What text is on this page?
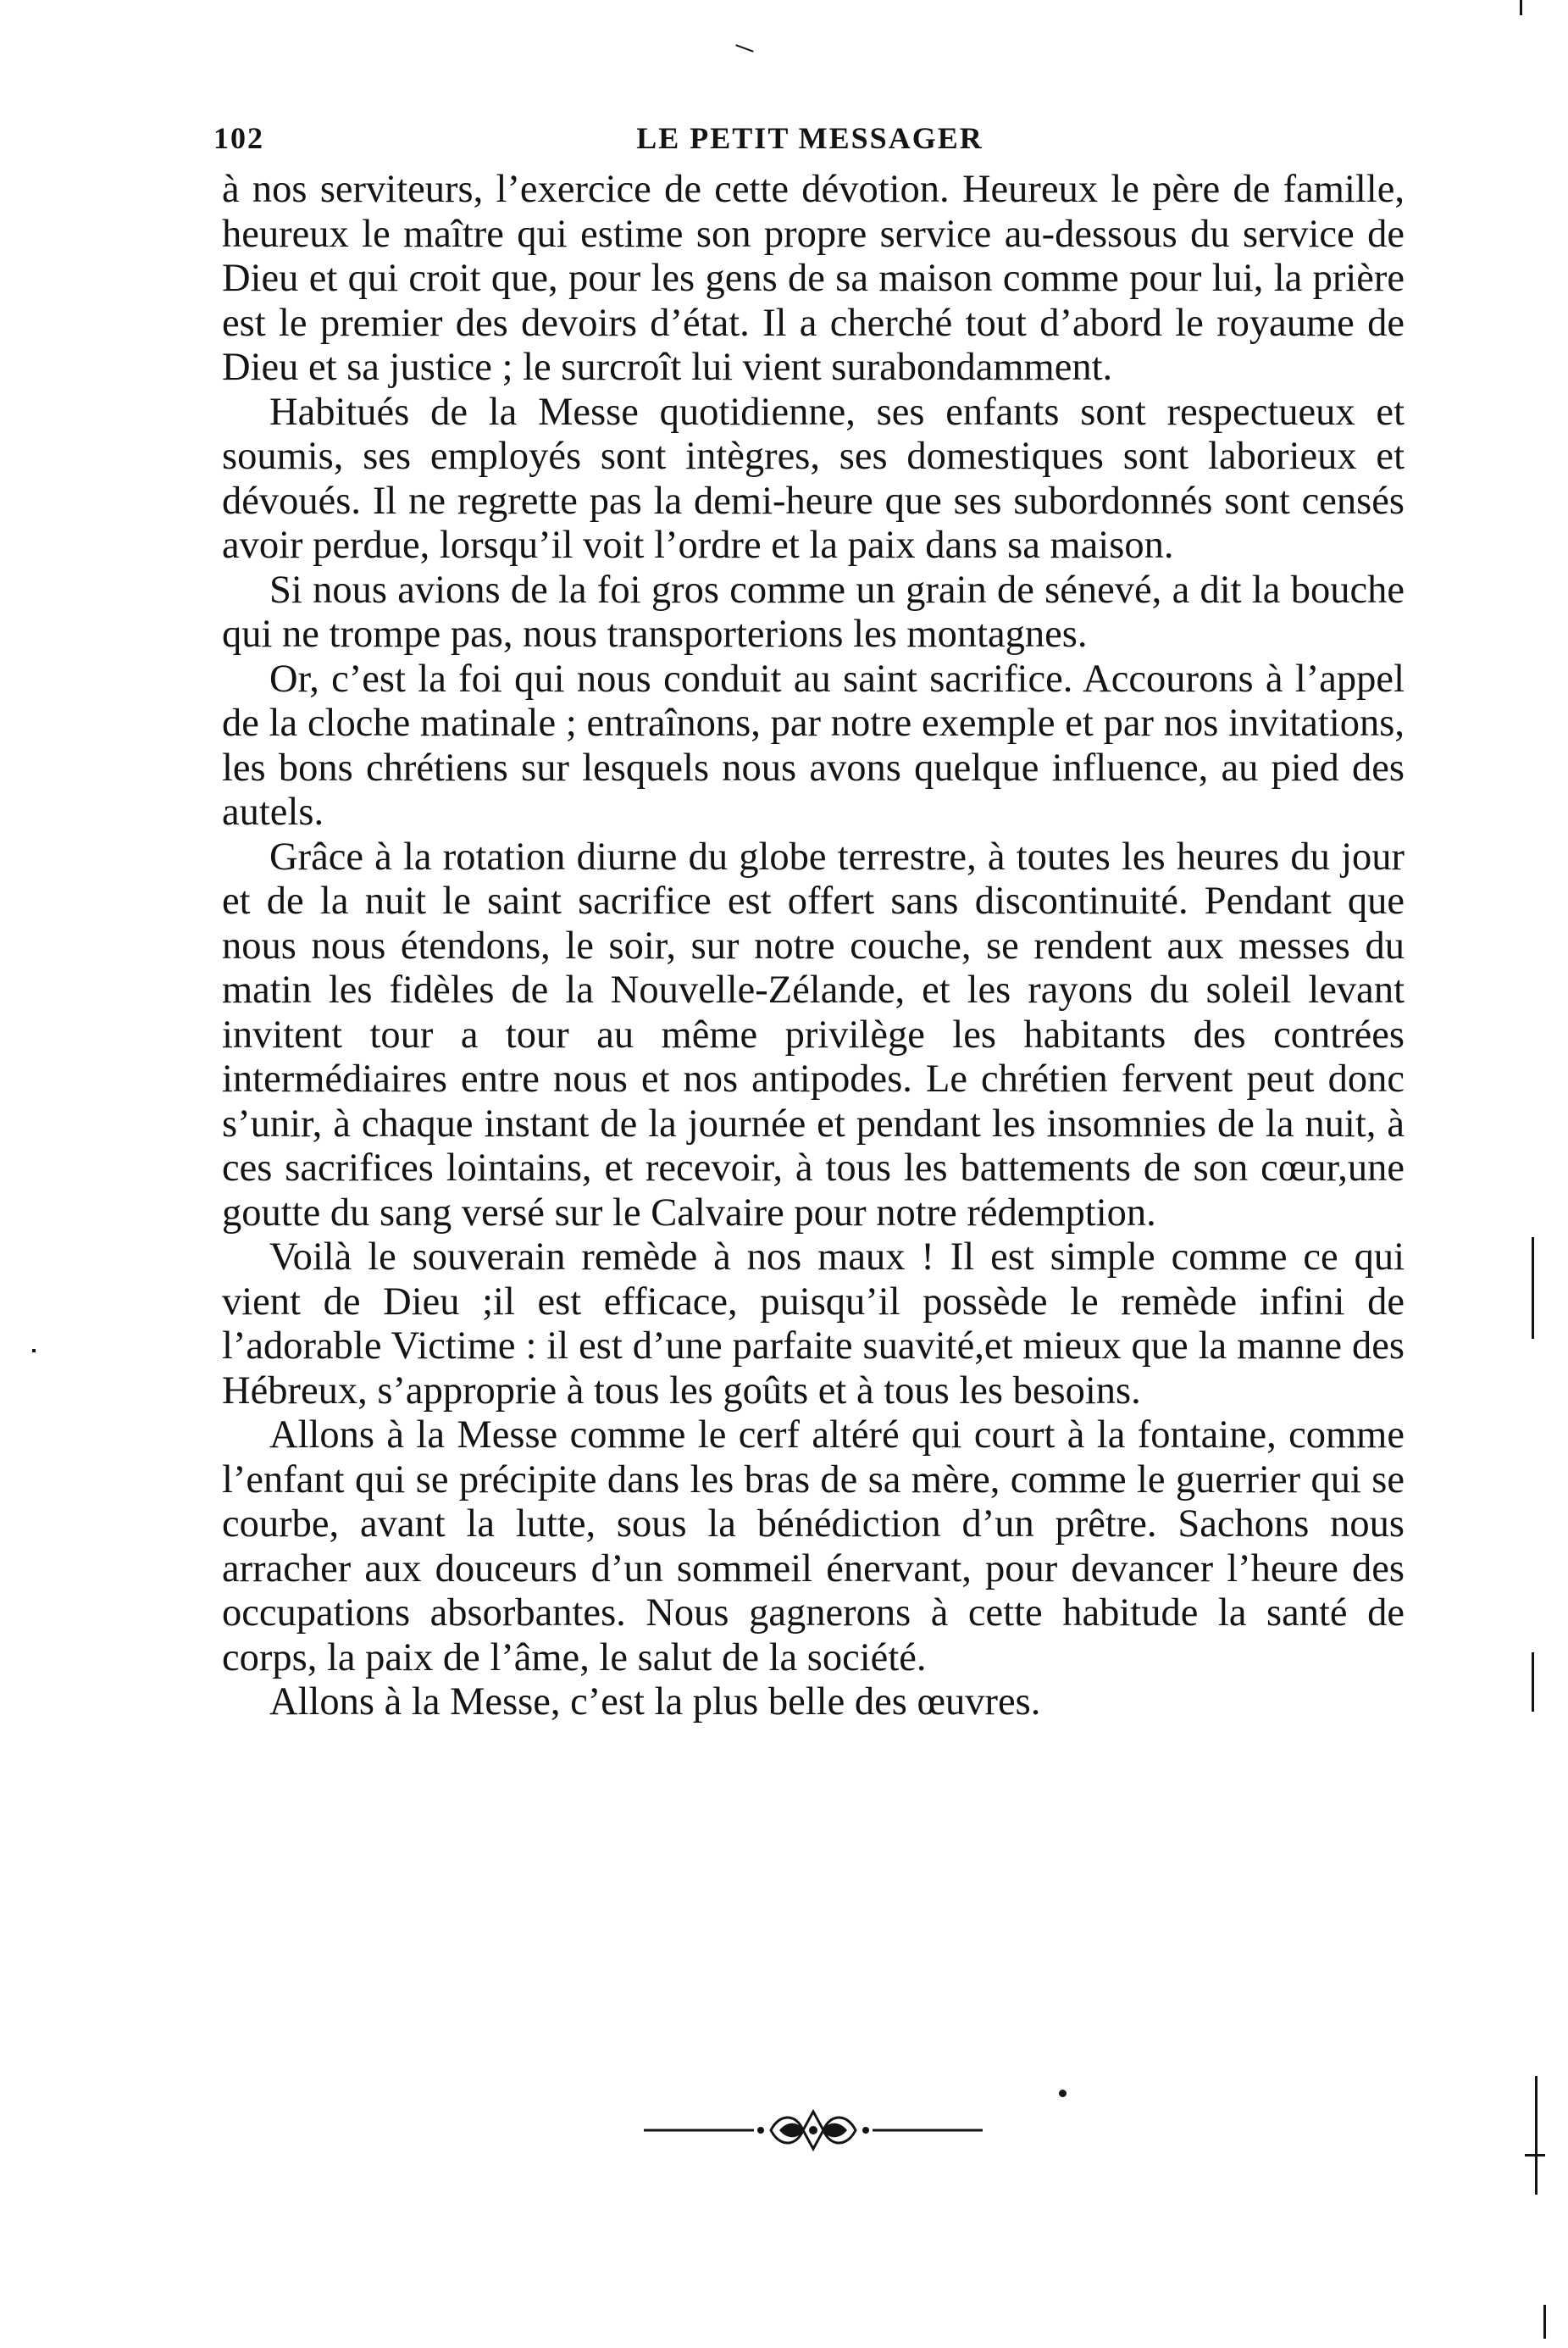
102	LE PETIT MESSAGER

à nos serviteurs, l’exercice de cette dévotion. Heureux le père de famille, heureux le maître qui estime son propre service au-dessous du service de Dieu et qui croit que, pour les gens de sa maison comme pour lui, la prière est le premier des devoirs d’état. Il a cherché tout d’abord le royaume de Dieu et sa justice ; le surcroît lui vient surabondamment.

Habitués de la Messe quotidienne, ses enfants sont respectueux et soumis, ses employés sont intègres, ses domestiques sont laborieux et dévoués. Il ne regrette pas la demi-heure que ses subordonnés sont censés avoir perdue, lorsqu’il voit l’ordre et la paix dans sa maison.

Si nous avions de la foi gros comme un grain de sénevé, a dit la bouche qui ne trompe pas, nous transporterions les montagnes.

Or, c’est la foi qui nous conduit au saint sacrifice. Accourons à l’appel de la cloche matinale ; entraînons, par notre exemple et par nos invitations, les bons chrétiens sur lesquels nous avons quelque influence, au pied des autels.

Grâce à la rotation diurne du globe terrestre, à toutes les heures du jour et de la nuit le saint sacrifice est offert sans discontinuité. Pendant que nous nous étendons, le soir, sur notre couche, se rendent aux messes du matin les fidèles de la Nouvelle-Zélande, et les rayons du soleil levant invitent tour a tour au même privilège les habitants des contrées intermédiaires entre nous et nos antipodes. Le chrétien fervent peut donc s’unir, à chaque instant de la journée et pendant les insomnies de la nuit, à ces sacrifices lointains, et recevoir, à tous les battements de son cœur,une goutte du sang versé sur le Calvaire pour notre rédemption.

Voilà le souverain remède à nos maux ! Il est simple comme ce qui vient de Dieu ;il est efficace, puisqu’il possède le remède infini de l’adorable Victime : il est d’une parfaite suavité,et mieux que la manne des Hébreux, s’approprie à tous les goûts et à tous les besoins.

Allons à la Messe comme le cerf altéré qui court à la fontaine, comme l’enfant qui se précipite dans les bras de sa mère, comme le guerrier qui se courbe, avant la lutte, sous la bénédiction d’un prêtre. Sachons nous arracher aux douceurs d’un sommeil énervant, pour devancer l’heure des occupations absorbantes. Nous gagnerons à cette habitude la santé de corps, la paix de l’âme, le salut de la société.

Allons à la Messe, c’est la plus belle des œuvres.
